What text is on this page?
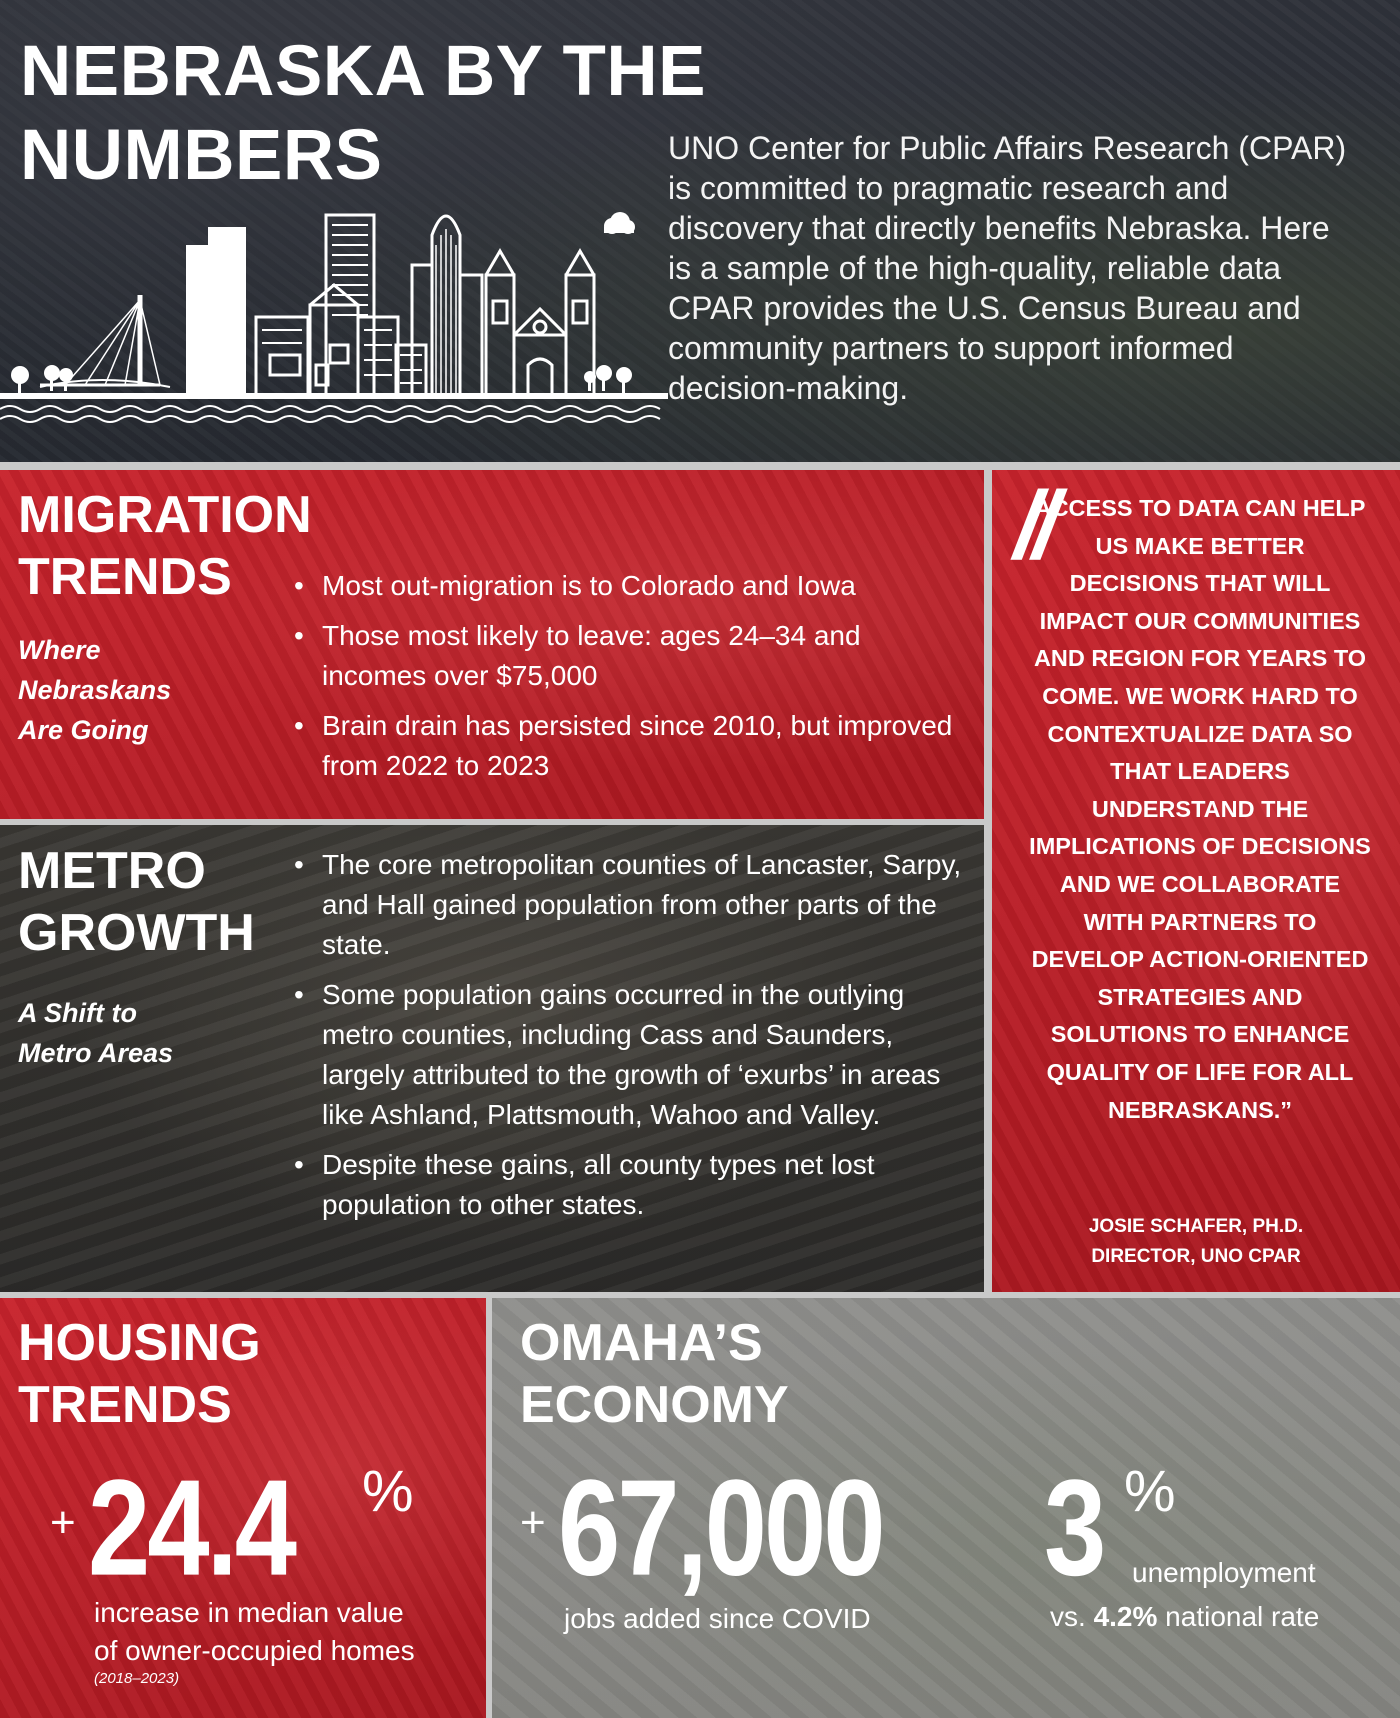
NEBRASKA BY THE
NUMBERS	UNO Center for Public Affairs Research (CPAR) is committed to pragmatic research and discovery that directly benefits Nebraska. Here is a sample of the high-quality, reliable data CPAR provides the U.S. Census Bureau and community partners to support informed decision-making.

MIGRATION
TRENDS

Where
Nebraskans
Are Going

• Most out-migration is to Colorado and Iowa
• Those most likely to leave: ages 24–34 and incomes over $75,000
• Brain drain has persisted since 2010, but improved from 2022 to 2023
METRO
GROWTH

A Shift to
Metro Areas

• The core metropolitan counties of Lancaster, Sarpy, and Hall gained population from other parts of the state.
• Some population gains occurred in the outlying metro counties, including Cass and Saunders, largely attributed to the growth of ‘exurbs’ in areas like Ashland, Plattsmouth, Wahoo and Valley.
• Despite these gains, all county types net lost population to other states.
//

ACCESS TO DATA CAN HELP US MAKE BETTER DECISIONS THAT WILL IMPACT OUR COMMUNITIES AND REGION FOR YEARS TO COME. WE WORK HARD TO CONTEXTUALIZE DATA SO THAT LEADERS UNDERSTAND THE IMPLICATIONS OF DECISIONS AND WE COLLABORATE WITH PARTNERS TO DEVELOP ACTION-ORIENTED STRATEGIES AND SOLUTIONS TO ENHANCE QUALITY OF LIFE FOR ALL NEBRASKANS.”

JOSIE SCHAFER, PH.D.
DIRECTOR, UNO CPAR

HOUSING
TRENDS
+ 24.4 %

increase in median value
of owner-occupied homes

(2018–2023)

OMAHA’S
ECONOMY
+ 67,000

jobs added since COVID

3 %

unemployment

vs. 4.2% national rate
